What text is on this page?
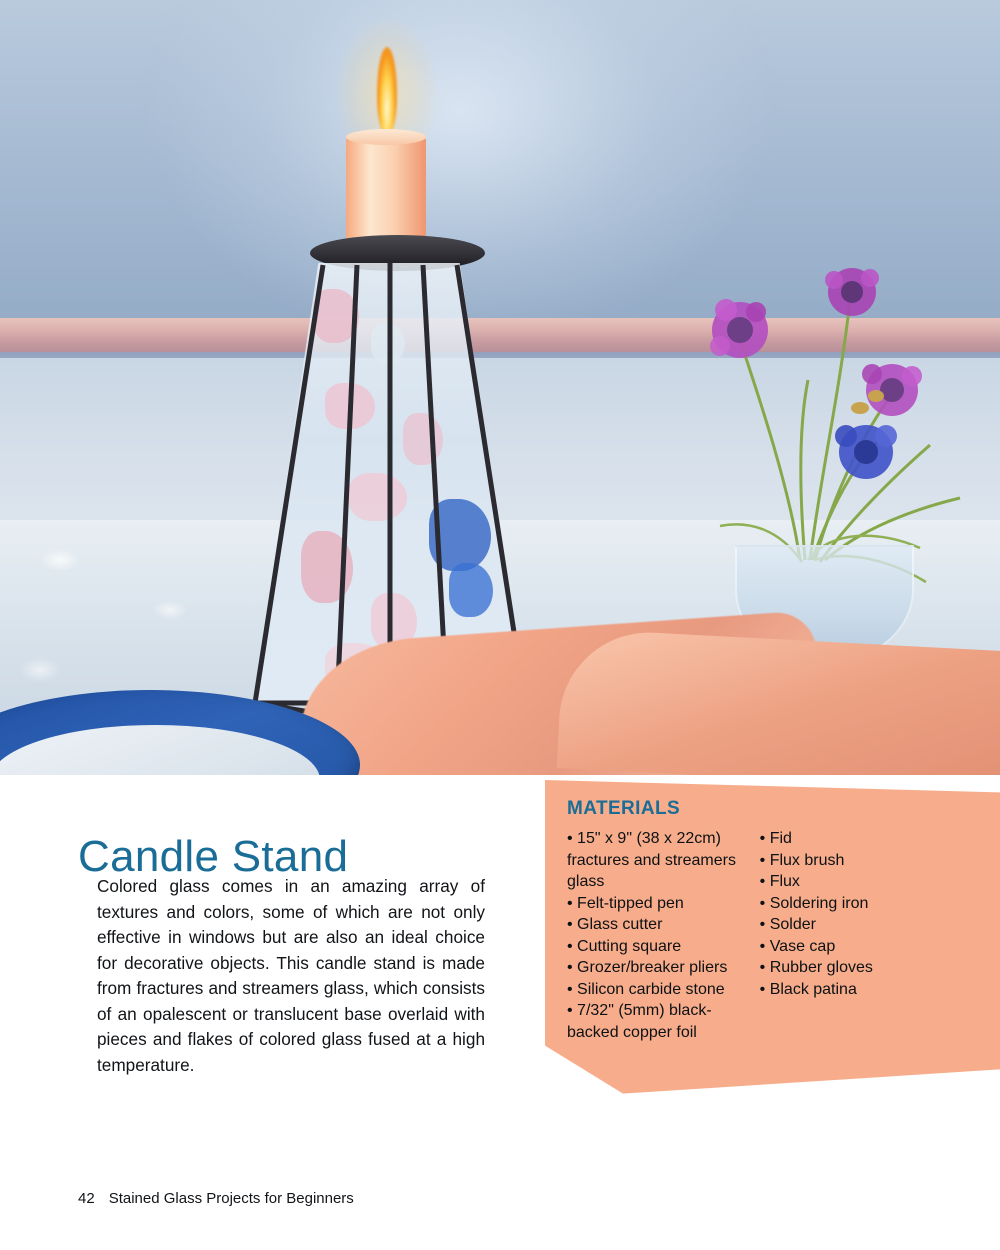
Candle Stand

Colored glass comes in an amazing array of textures and colors, some of which are not only effective in windows but are also an ideal choice for decorative objects. This candle stand is made from fractures and streamers glass, which consists of an opalescent or translucent base overlaid with pieces and flakes of colored glass fused at a high temperature.

MATERIALS
• 15" x 9" (38 x 22cm) fractures and streamers glass
• Felt-tipped pen
• Glass cutter
• Cutting square
• Grozer/breaker pliers
• Silicon carbide stone
• 7/32" (5mm) black-backed copper foil
• Fid
• Flux brush
• Flux
• Soldering iron
• Solder
• Vase cap
• Rubber gloves
• Black patina
42 Stained Glass Projects for Beginners
